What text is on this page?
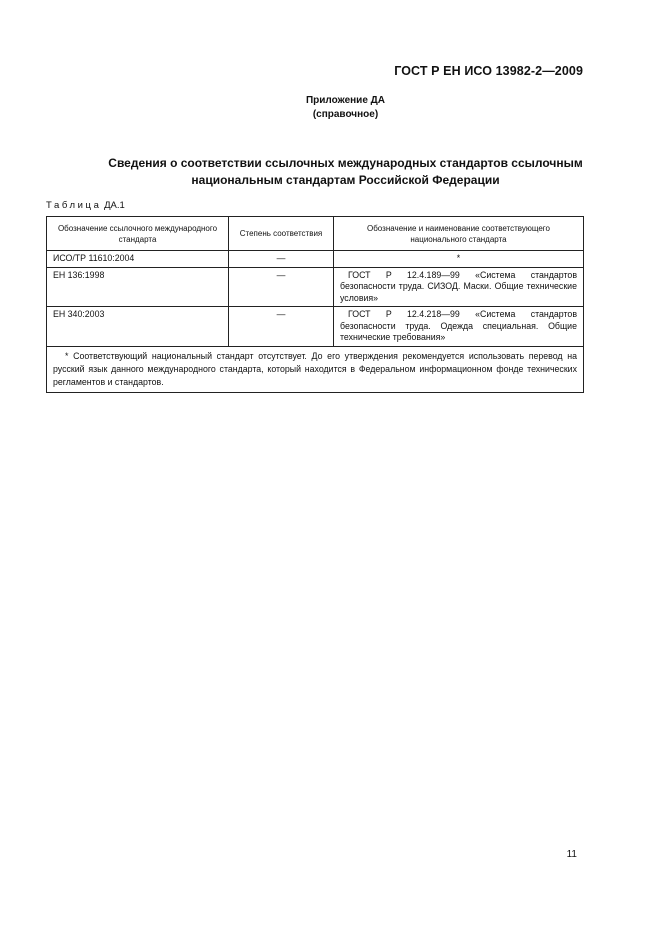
ГОСТ Р ЕН ИСО 13982-2—2009
Приложение ДА
(справочное)
Сведения о соответствии ссылочных международных стандартов ссылочным
национальным стандартам Российской Федерации
Таблица ДА.1
Обозначение ссылочного международного стандарта	Степень соответствия	Обозначение и наименование соответствующего национального стандарта
ИСО/ТР 11610:2004	—	*
ЕН 136:1998	—	ГОСТ Р 12.4.189—99 «Система стандартов безопасности труда. СИЗОД. Маски. Общие технические условия»
ЕН 340:2003	—	ГОСТ Р 12.4.218—99 «Система стандартов безопасности труда. Одежда специальная. Общие технические требования»
* Соответствующий национальный стандарт отсутствует. До его утверждения рекомендуется использовать перевод на русский язык данного международного стандарта, который находится в Федеральном информационном фонде технических регламентов и стандартов.		
11
